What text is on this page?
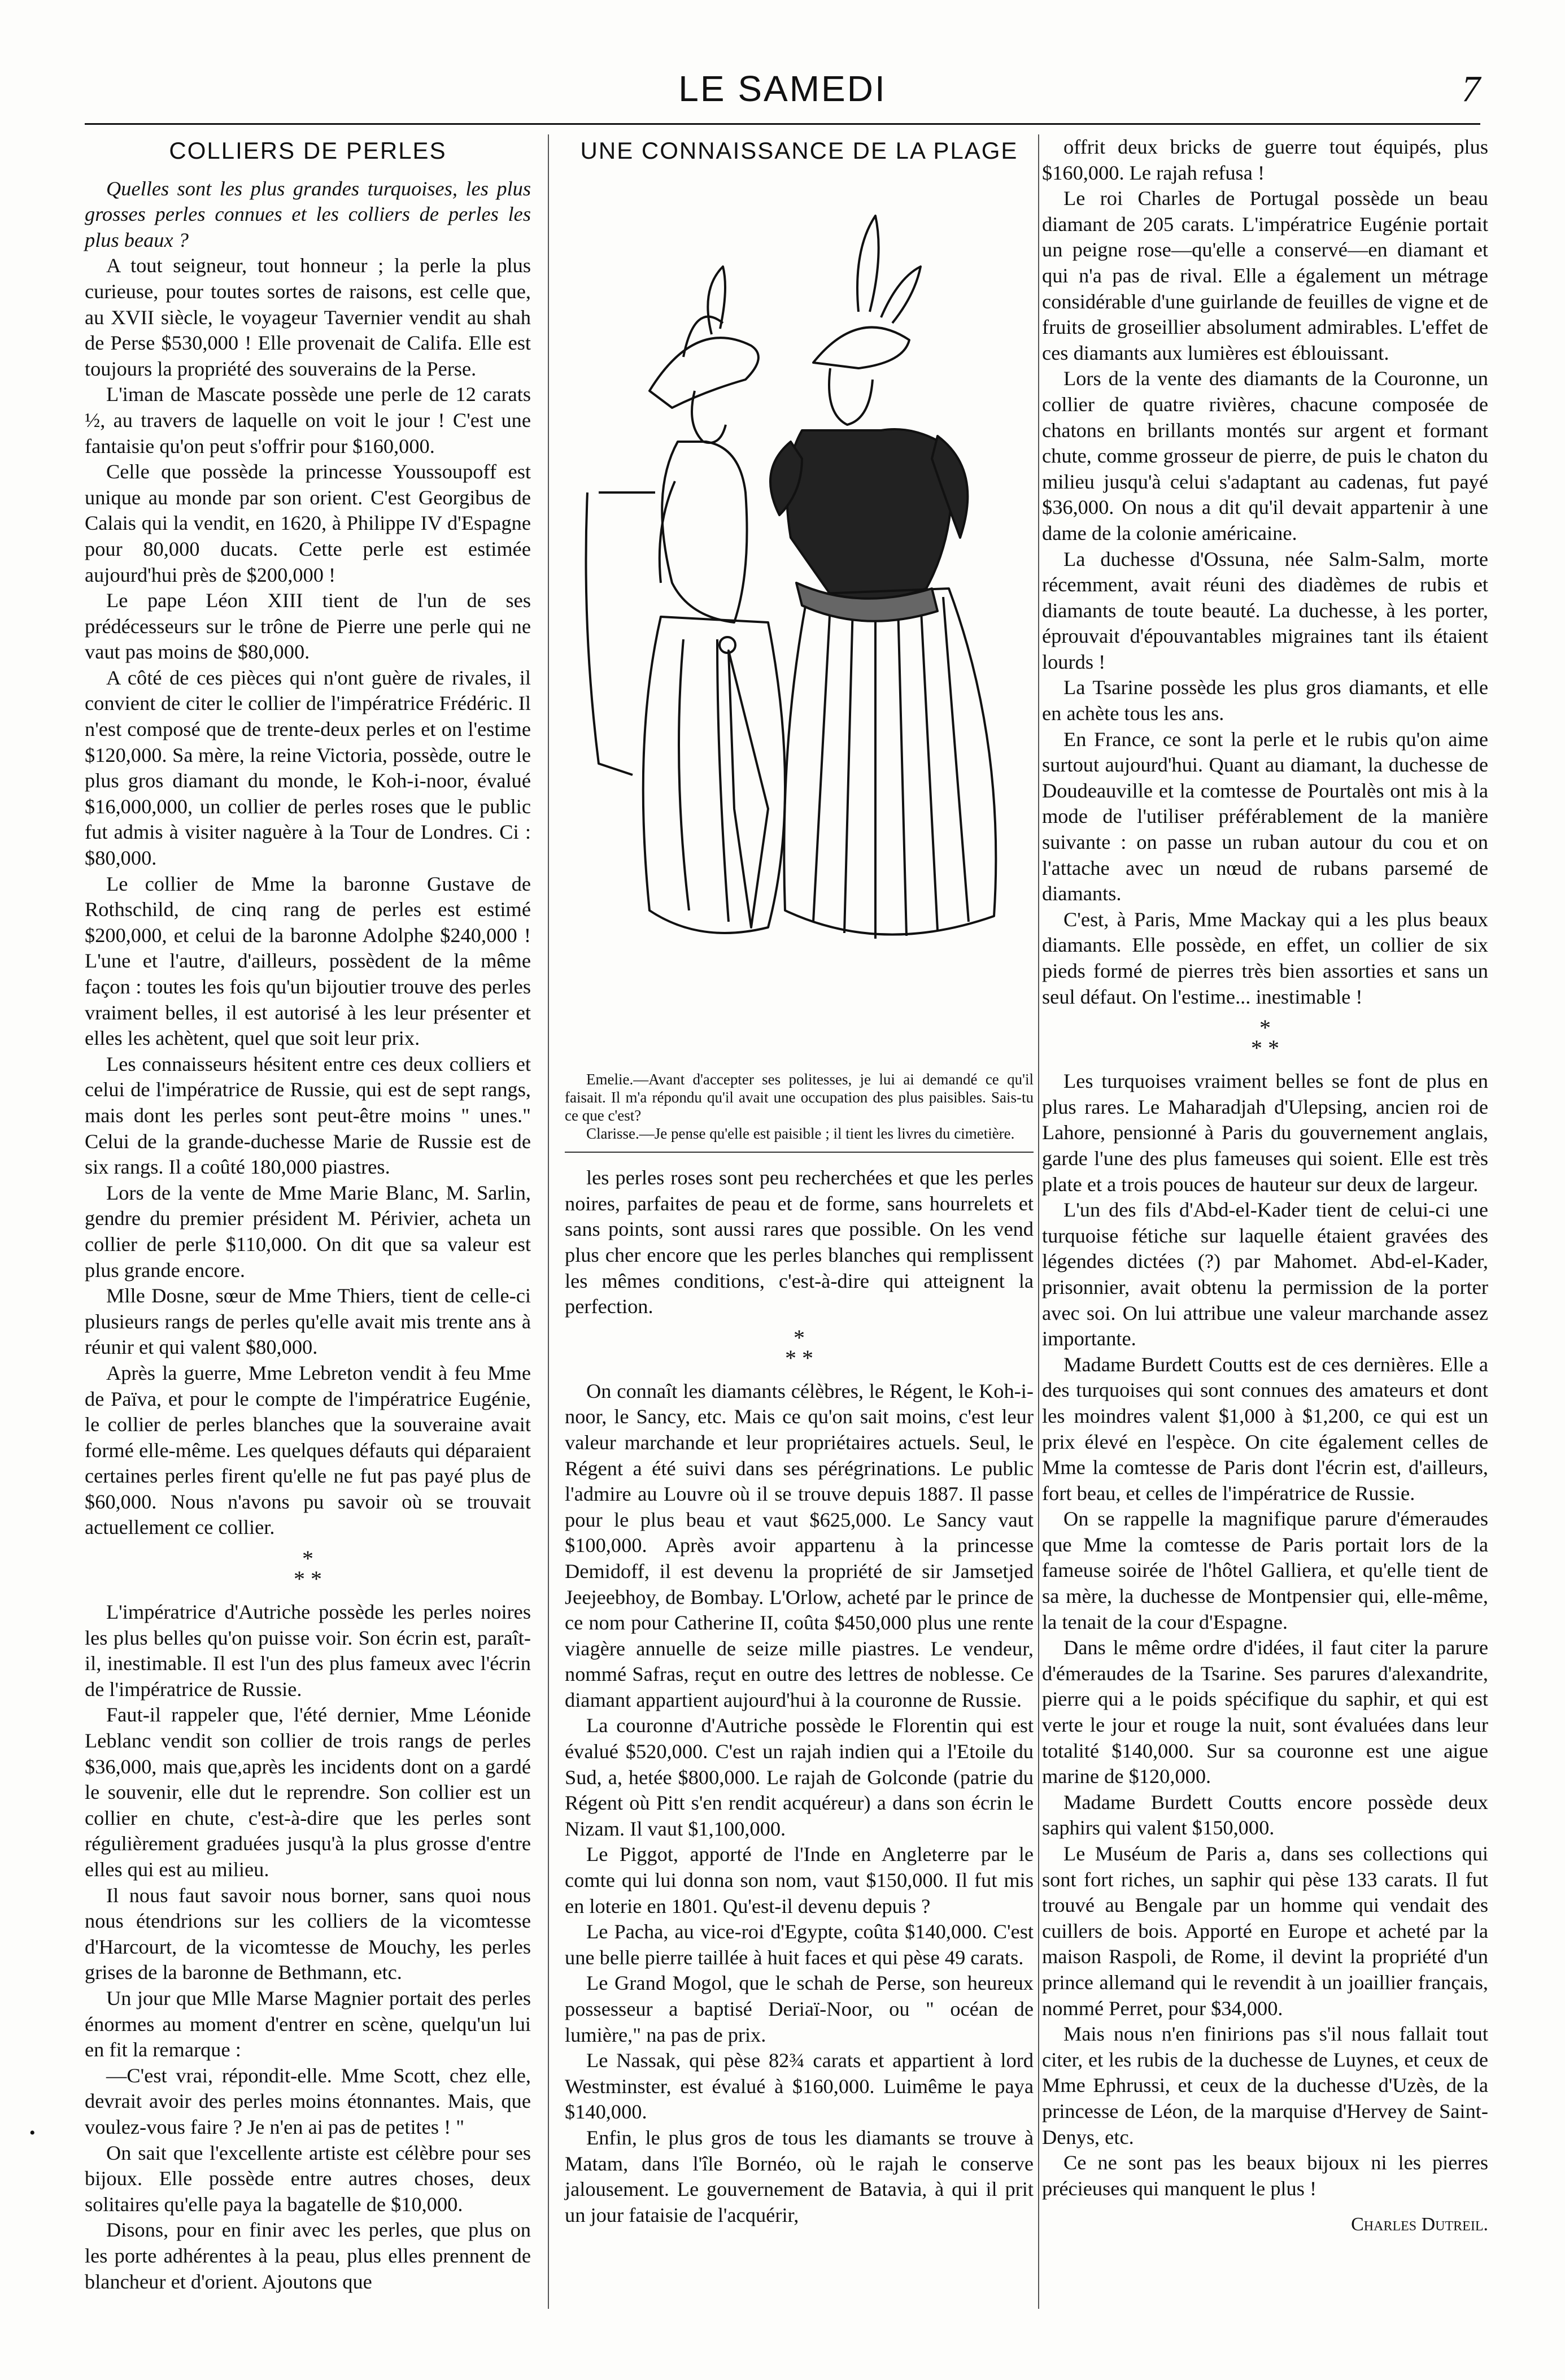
LE SAMEDI	7
COLLIERS DE PERLES

Quelles sont les plus grandes turquoises, les plus grosses perles connues et les colliers de perles les plus beaux ?

A tout seigneur, tout honneur ; la perle la plus curieuse, pour toutes sortes de raisons, est celle que, au XVII siècle, le voyageur Tavernier vendit au shah de Perse $530,000 ! Elle provenait de Califa. Elle est toujours la propriété des souverains de la Perse.

L'iman de Mascate possède une perle de 12 carats ½, au travers de laquelle on voit le jour ! C'est une fantaisie qu'on peut s'offrir pour $160,000.

Celle que possède la princesse Youssoupoff est unique au monde par son orient. C'est Georgibus de Calais qui la vendit, en 1620, à Philippe IV d'Espagne pour 80,000 ducats. Cette perle est estimée aujourd'hui près de $200,000 !

Le pape Léon XIII tient de l'un de ses prédécesseurs sur le trône de Pierre une perle qui ne vaut pas moins de $80,000.

A côté de ces pièces qui n'ont guère de rivales, il convient de citer le collier de l'impératrice Frédéric. Il n'est composé que de trente-deux perles et on l'estime $120,000. Sa mère, la reine Victoria, possède, outre le plus gros diamant du monde, le Koh-i-noor, évalué $16,000,000, un collier de perles roses que le public fut admis à visiter naguère à la Tour de Londres. Ci : $80,000.

Le collier de Mme la baronne Gustave de Rothschild, de cinq rang de perles est estimé $200,000, et celui de la baronne Adolphe $240,000 ! L'une et l'autre, d'ailleurs, possèdent de la même façon : toutes les fois qu'un bijoutier trouve des perles vraiment belles, il est autorisé à les leur présenter et elles les achètent, quel que soit leur prix.

Les connaisseurs hésitent entre ces deux colliers et celui de l'impératrice de Russie, qui est de sept rangs, mais dont les perles sont peut-être moins " unes." Celui de la grande-duchesse Marie de Russie est de six rangs. Il a coûté 180,000 piastres.

Lors de la vente de Mme Marie Blanc, M. Sarlin, gendre du premier président M. Périvier, acheta un collier de perle $110,000. On dit que sa valeur est plus grande encore.

Mlle Dosne, sœur de Mme Thiers, tient de celle-ci plusieurs rangs de perles qu'elle avait mis trente ans à réunir et qui valent $80,000.

Après la guerre, Mme Lebreton vendit à feu Mme de Païva, et pour le compte de l'impératrice Eugénie, le collier de perles blanches que la souveraine avait formé elle-même. Les quelques défauts qui déparaient certaines perles firent qu'elle ne fut pas payé plus de $60,000. Nous n'avons pu savoir où se trouvait actuellement ce collier.

*
* *

L'impératrice d'Autriche possède les perles noires les plus belles qu'on puisse voir. Son écrin est, paraît-il, inestimable. Il est l'un des plus fameux avec l'écrin de l'impératrice de Russie.

Faut-il rappeler que, l'été dernier, Mme Léonide Leblanc vendit son collier de trois rangs de perles $36,000, mais que,après les incidents dont on a gardé le souvenir, elle dut le reprendre. Son collier est un collier en chute, c'est-à-dire que les perles sont régulièrement graduées jusqu'à la plus grosse d'entre elles qui est au milieu.

Il nous faut savoir nous borner, sans quoi nous nous étendrions sur les colliers de la vicomtesse d'Harcourt, de la vicomtesse de Mouchy, les perles grises de la baronne de Bethmann, etc.

Un jour que Mlle Marse Magnier portait des perles énormes au moment d'entrer en scène, quelqu'un lui en fit la remarque :

—C'est vrai, répondit-elle. Mme Scott, chez elle, devrait avoir des perles moins étonnantes. Mais, que voulez-vous faire ? Je n'en ai pas de petites ! "

On sait que l'excellente artiste est célèbre pour ses bijoux. Elle possède entre autres choses, deux solitaires qu'elle paya la bagatelle de $10,000.

Disons, pour en finir avec les perles, que plus on les porte adhérentes à la peau, plus elles prennent de blancheur et d'orient. Ajoutons que

UNE CONNAISSANCE DE LA PLAGE

Emelie.—Avant d'accepter ses politesses, je lui ai demandé ce qu'il faisait. Il m'a répondu qu'il avait une occupation des plus paisibles. Sais-tu ce que c'est?

Clarisse.—Je pense qu'elle est paisible ; il tient les livres du cimetière.

les perles roses sont peu recherchées et que les perles noires, parfaites de peau et de forme, sans hourrelets et sans points, sont aussi rares que possible. On les vend plus cher encore que les perles blanches qui remplissent les mêmes conditions, c'est-à-dire qui atteignent la perfection.

*
* *

On connaît les diamants célèbres, le Régent, le Koh-i-noor, le Sancy, etc. Mais ce qu'on sait moins, c'est leur valeur marchande et leur propriétaires actuels. Seul, le Régent a été suivi dans ses pérégrinations. Le public l'admire au Louvre où il se trouve depuis 1887. Il passe pour le plus beau et vaut $625,000. Le Sancy vaut $100,000. Après avoir appartenu à la princesse Demidoff, il est devenu la propriété de sir Jamsetjed Jeejeebhoy, de Bombay. L'Orlow, acheté par le prince de ce nom pour Catherine II, coûta $450,000 plus une rente viagère annuelle de seize mille piastres. Le vendeur, nommé Safras, reçut en outre des lettres de noblesse. Ce diamant appartient aujourd'hui à la couronne de Russie.

La couronne d'Autriche possède le Florentin qui est évalué $520,000. C'est un rajah indien qui a l'Etoile du Sud, a, hetée $800,000. Le rajah de Golconde (patrie du Régent où Pitt s'en rendit acquéreur) a dans son écrin le Nizam. Il vaut $1,100,000.

Le Piggot, apporté de l'Inde en Angleterre par le comte qui lui donna son nom, vaut $150,000. Il fut mis en loterie en 1801. Qu'est-il devenu depuis ?

Le Pacha, au vice-roi d'Egypte, coûta $140,000. C'est une belle pierre taillée à huit faces et qui pèse 49 carats.

Le Grand Mogol, que le schah de Perse, son heureux possesseur a baptisé Deriaï-Noor, ou " océan de lumière," na pas de prix.

Le Nassak, qui pèse 82¾ carats et appartient à lord Westminster, est évalué à $160,000. Luimême le paya $140,000.

Enfin, le plus gros de tous les diamants se trouve à Matam, dans l'île Bornéo, où le rajah le conserve jalousement. Le gouvernement de Batavia, à qui il prit un jour fataisie de l'acquérir,

offrit deux bricks de guerre tout équipés, plus $160,000. Le rajah refusa !

Le roi Charles de Portugal possède un beau diamant de 205 carats. L'impératrice Eugénie portait un peigne rose—qu'elle a conservé—en diamant et qui n'a pas de rival. Elle a également un métrage considérable d'une guirlande de feuilles de vigne et de fruits de groseillier absolument admirables. L'effet de ces diamants aux lumières est éblouissant.

Lors de la vente des diamants de la Couronne, un collier de quatre rivières, chacune composée de chatons en brillants montés sur argent et formant chute, comme grosseur de pierre, de puis le chaton du milieu jusqu'à celui s'adaptant au cadenas, fut payé $36,000. On nous a dit qu'il devait appartenir à une dame de la colonie américaine.

La duchesse d'Ossuna, née Salm-Salm, morte récemment, avait réuni des diadèmes de rubis et diamants de toute beauté. La duchesse, à les porter, éprouvait d'épouvantables migraines tant ils étaient lourds !

La Tsarine possède les plus gros diamants, et elle en achète tous les ans.

En France, ce sont la perle et le rubis qu'on aime surtout aujourd'hui. Quant au diamant, la duchesse de Doudeauville et la comtesse de Pourtalès ont mis à la mode de l'utiliser préférablement de la manière suivante : on passe un ruban autour du cou et on l'attache avec un nœud de rubans parsemé de diamants.

C'est, à Paris, Mme Mackay qui a les plus beaux diamants. Elle possède, en effet, un collier de six pieds formé de pierres très bien assorties et sans un seul défaut. On l'estime... inestimable !

*
* *

Les turquoises vraiment belles se font de plus en plus rares. Le Maharadjah d'Ulepsing, ancien roi de Lahore, pensionné à Paris du gouvernement anglais, garde l'une des plus fameuses qui soient. Elle est très plate et a trois pouces de hauteur sur deux de largeur.

L'un des fils d'Abd-el-Kader tient de celui-ci une turquoise fétiche sur laquelle étaient gravées des légendes dictées (?) par Mahomet. Abd-el-Kader, prisonnier, avait obtenu la permission de la porter avec soi. On lui attribue une valeur marchande assez importante.

Madame Burdett Coutts est de ces dernières. Elle a des turquoises qui sont connues des amateurs et dont les moindres valent $1,000 à $1,200, ce qui est un prix élevé en l'espèce. On cite également celles de Mme la comtesse de Paris dont l'écrin est, d'ailleurs, fort beau, et celles de l'impératrice de Russie.

On se rappelle la magnifique parure d'émeraudes que Mme la comtesse de Paris portait lors de la fameuse soirée de l'hôtel Galliera, et qu'elle tient de sa mère, la duchesse de Montpensier qui, elle-même, la tenait de la cour d'Espagne.

Dans le même ordre d'idées, il faut citer la parure d'émeraudes de la Tsarine. Ses parures d'alexandrite, pierre qui a le poids spécifique du saphir, et qui est verte le jour et rouge la nuit, sont évaluées dans leur totalité $140,000. Sur sa couronne est une aigue marine de $120,000.

Madame Burdett Coutts encore possède deux saphirs qui valent $150,000.

Le Muséum de Paris a, dans ses collections qui sont fort riches, un saphir qui pèse 133 carats. Il fut trouvé au Bengale par un homme qui vendait des cuillers de bois. Apporté en Europe et acheté par la maison Raspoli, de Rome, il devint la propriété d'un prince allemand qui le revendit à un joaillier français, nommé Perret, pour $34,000.

Mais nous n'en finirions pas s'il nous fallait tout citer, et les rubis de la duchesse de Luynes, et ceux de Mme Ephrussi, et ceux de la duchesse d'Uzès, de la princesse de Léon, de la marquise d'Hervey de Saint-Denys, etc.

Ce ne sont pas les beaux bijoux ni les pierres précieuses qui manquent le plus !

Charles Dutreil.
•
